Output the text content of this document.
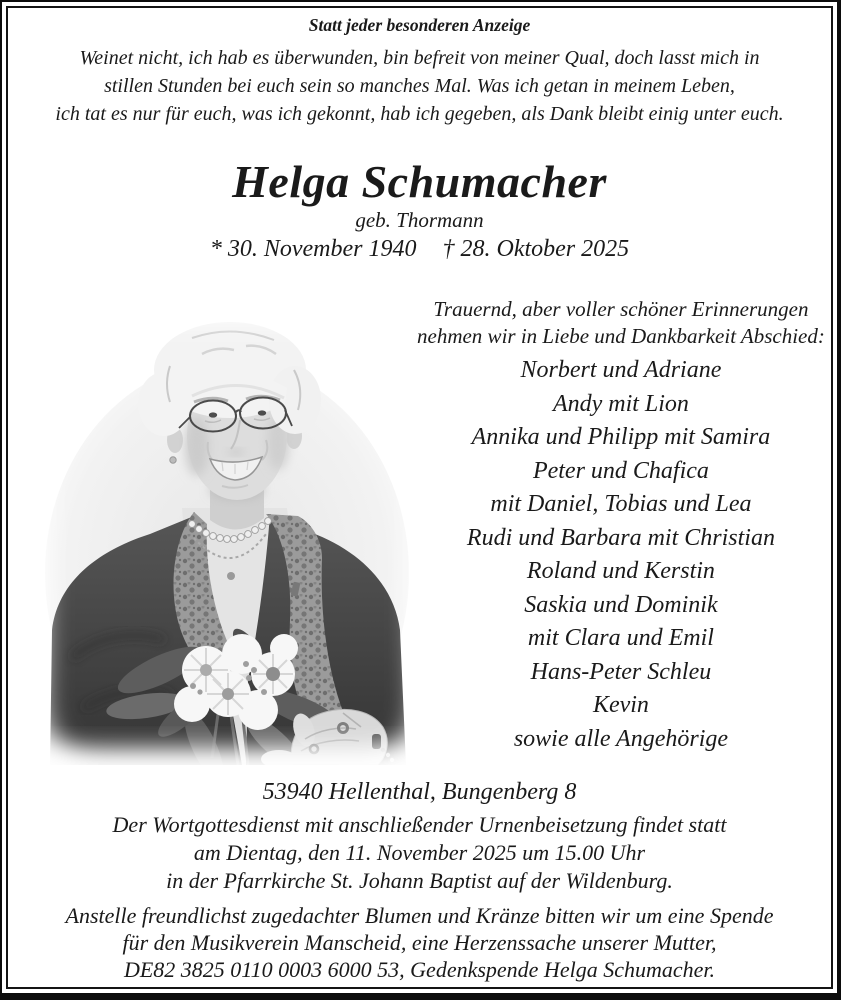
Statt jeder besonderen Anzeige
Weinet nicht, ich hab es überwunden, bin befreit von meiner Qual, doch lasst mich in
stillen Stunden bei euch sein so manches Mal. Was ich getan in meinem Leben,
ich tat es nur für euch, was ich gekonnt, hab ich gegeben, als Dank bleibt einig unter euch.
Helga Schumacher
geb. Thormann
* 30. November 1940 † 28. Oktober 2025
Trauernd, aber voller schöner Erinnerungen
nehmen wir in Liebe und Dankbarkeit Abschied:
Norbert und Adriane
Andy mit Lion
Annika und Philipp mit Samira
Peter und Chafica
mit Daniel, Tobias und Lea
Rudi und Barbara mit Christian
Roland und Kerstin
Saskia und Dominik
mit Clara und Emil
Hans-Peter Schleu
Kevin
sowie alle Angehörige
53940 Hellenthal, Bungenberg 8
Der Wortgottesdienst mit anschließender Urnenbeisetzung findet statt
am Dientag, den 11. November 2025 um 15.00 Uhr
in der Pfarrkirche St. Johann Baptist auf der Wildenburg.
Anstelle freundlichst zugedachter Blumen und Kränze bitten wir um eine Spende
für den Musikverein Manscheid, eine Herzenssache unserer Mutter,
DE82 3825 0110 0003 6000 53, Gedenkspende Helga Schumacher.
